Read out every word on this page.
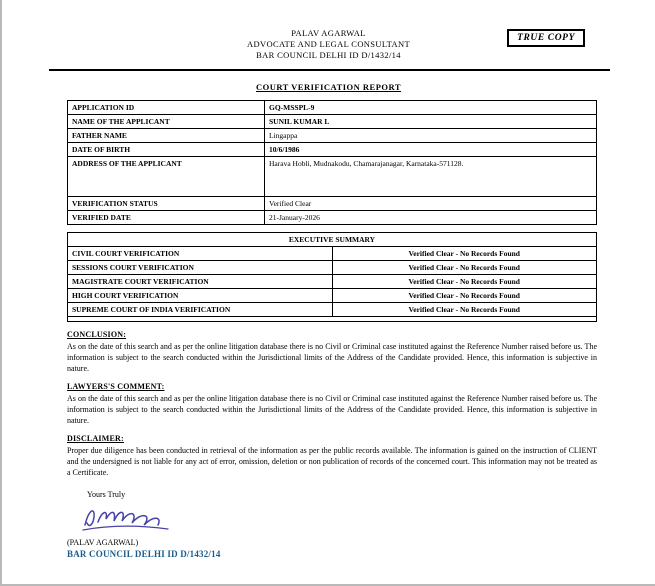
TRUE COPY
PALAV AGARWAL
ADVOCATE AND LEGAL CONSULTANT
BAR COUNCIL DELHI ID D/1432/14
COURT VERIFICATION REPORT
APPLICATION ID	GQ-MSSPL-9
NAME OF THE APPLICANT	SUNIL KUMAR L
FATHER NAME	Lingappa
DATE OF BIRTH	10/6/1986
ADDRESS OF THE APPLICANT	Harava Hobli, Mudnakodu, Chamarajanagar, Karnataka-571128.
VERIFICATION STATUS	Verified Clear
VERIFIED DATE	21-January-2026
EXECUTIVE SUMMARY	
CIVIL COURT VERIFICATION	Verified Clear - No Records Found
SESSIONS COURT VERIFICATION	Verified Clear - No Records Found
MAGISTRATE COURT VERIFICATION	Verified Clear - No Records Found
HIGH COURT VERIFICATION	Verified Clear - No Records Found
SUPREME COURT OF INDIA VERIFICATION	Verified Clear - No Records Found

CONCLUSION:

As on the date of this search and as per the online litigation database there is no Civil or Criminal case instituted against the Reference Number raised before us. The information is subject to the search conducted within the Jurisdictional limits of the Address of the Candidate provided. Hence, this information is subjective in nature.

LAWYERS'S COMMENT:

As on the date of this search and as per the online litigation database there is no Civil or Criminal case instituted against the Reference Number raised before us. The information is subject to the search conducted within the Jurisdictional limits of the Address of the Candidate provided. Hence, this information is subjective in nature.

DISCLAIMER:

Proper due diligence has been conducted in retrieval of the information as per the public records available. The information is gained on the instruction of CLIENT and the undersigned is not liable for any act of error, omission, deletion or non publication of records of the concerned court. This information may not be treated as a Certificate.

Yours Truly
(PALAV AGARWAL)
BAR COUNCIL DELHI ID D/1432/14
